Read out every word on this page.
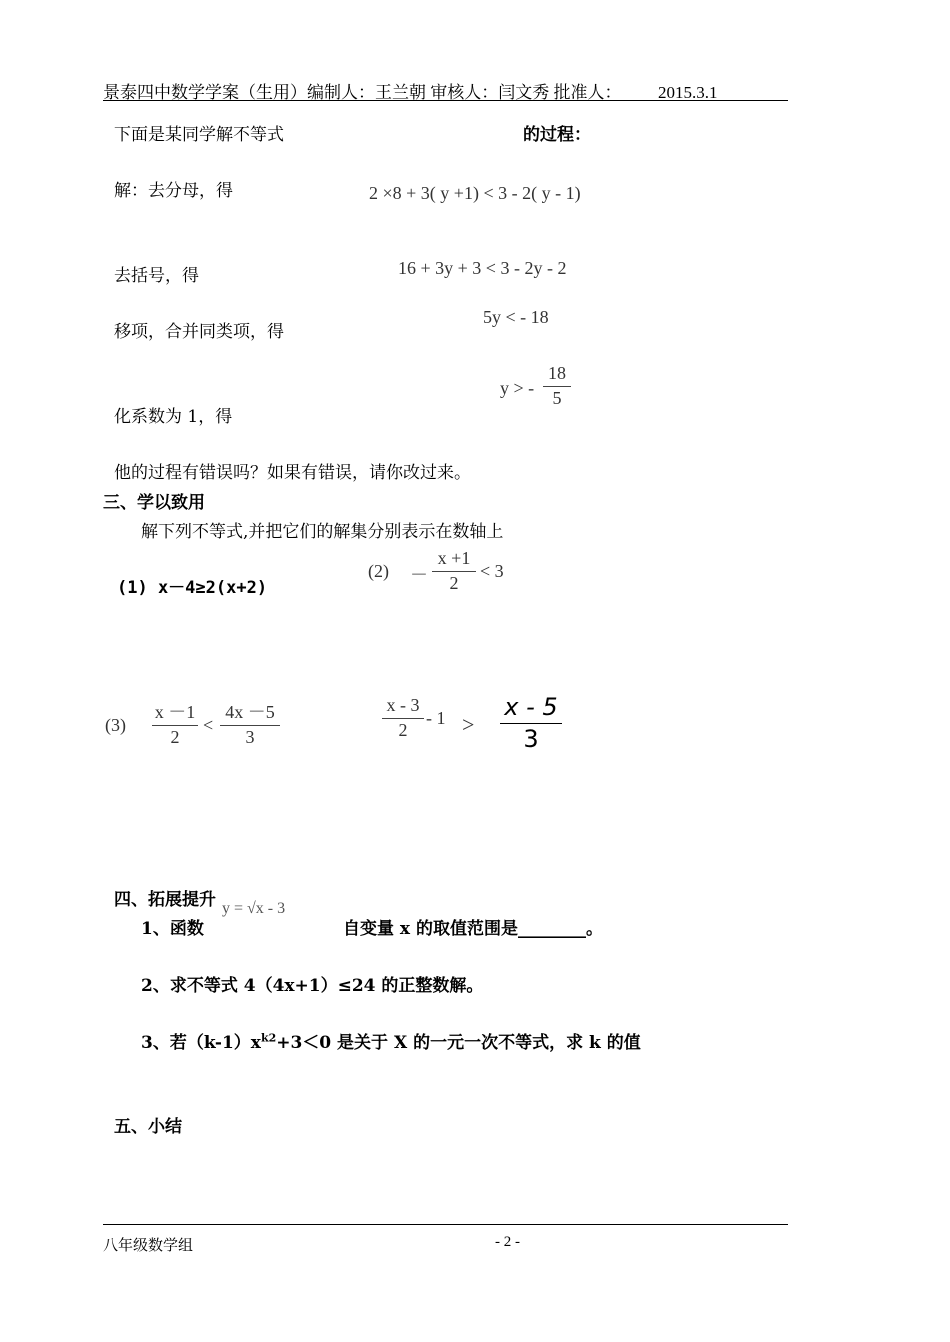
景泰四中数学学案（生用）编制人：王兰朝 审核人：闫文秀 批准人： 2015.3.1
下面是某同学解不等式	的过程：
解：去分母，得	2 ×8 + 3( y +1) < 3 - 2( y - 1)
去括号，得	16 + 3y + 3 < 3 - 2y - 2
移项，合并同类项，得
5y < - 18
y > -
18
5
化系数为 1，得
他的过程有错误吗？如果有错误，请你改过来。
三、学以致用
解下列不等式,并把它们的解集分别表示在数轴上
(1) x－4≥2(x+2)
(2) －
x +1
2
< 3
(3)
x －1
2
<
4x －5
3
x - 3
2
- 1 >
x - 5
3
四、拓展提升
1、函数
y = √x - 3
自变量 x 的取值范围是________。
2、求不等式 4（4x+1）≤24 的正整数解。
3、若$(k-1)x^{k2}+3<0$ 是关于 X 的一元一次不等式，求 k 的值
五、小结
八年级数学组	- 2 -
